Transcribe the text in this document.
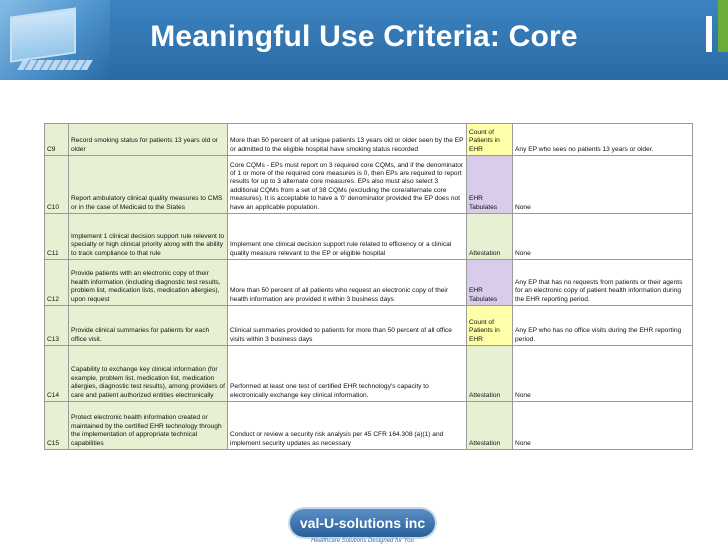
Meaningful Use Criteria: Core
C9	Record smoking status for patients 13 years old or older	More than 50 percent of all unique patients 13 years old or older seen by the EP or admitted to the eligible hospital have smoking status recorded	Count of Patients in EHR	Any EP who sees no patients 13 years or older.
C10	Report ambulatory clinical quality measures to CMS or in the case of Medicaid to the States	Core CQMs - EPs must report on 3 required core CQMs, and if the denominator of 1 or more of the required core measures is 0, then EPs are required to report results for up to 3 alternate core measures. EPs also must also select 3 additional CQMs from a set of 38 CQMs (excluding the core/alternate core measures). It is acceptable to have a '0' denominator provided the EP does not have an applicable population.	EHR Tabulates	None
C11	Implement 1 clinical decision support rule relevent to specialty or high clinical priority along with the ability to track compliance to that rule	Implement one clinical decision support rule related to efficiency or a clinical quality measure relevant to the EP or eligible hospital	Attestation	None
C12	Provide patients with an electronic copy of their health information (including diagnostic test results, problem list, medication lists, medication allergies), upon request	More than 50 percent of all patients who request an electronic copy of their health information are provided it within 3 business days	EHR Tabulates	Any EP that has no requests from patients or their agents for an electronic copy of patient health information during the EHR reporting period.
C13	Provide clinical summaries for patients for each office visit.	Clinical summaries provided to patients for more than 50 percent of all office visits within 3 business days	Count of Patients in EHR	Any EP who has no office visits during the EHR reporting period.
C14	Capability to exchange key clinical information (for example, problem list, medication list, medication allergies, diagnostic test results), among providers of care and patient authorized entities electronically	Performed at least one test of certified EHR technology's capacity to electronically exchange key clinical information.	Attestation	None
C15	Protect electronic health information created or maintained by the certified EHR technology through the implementation of appropriate technical capabilities	Conduct or review a security risk analysis per 45 CFR 164.308 (a)(1) and implement security updates as necessary	Attestation	None
val-U-solutions inc
Healthcare Solutions Designed for You
